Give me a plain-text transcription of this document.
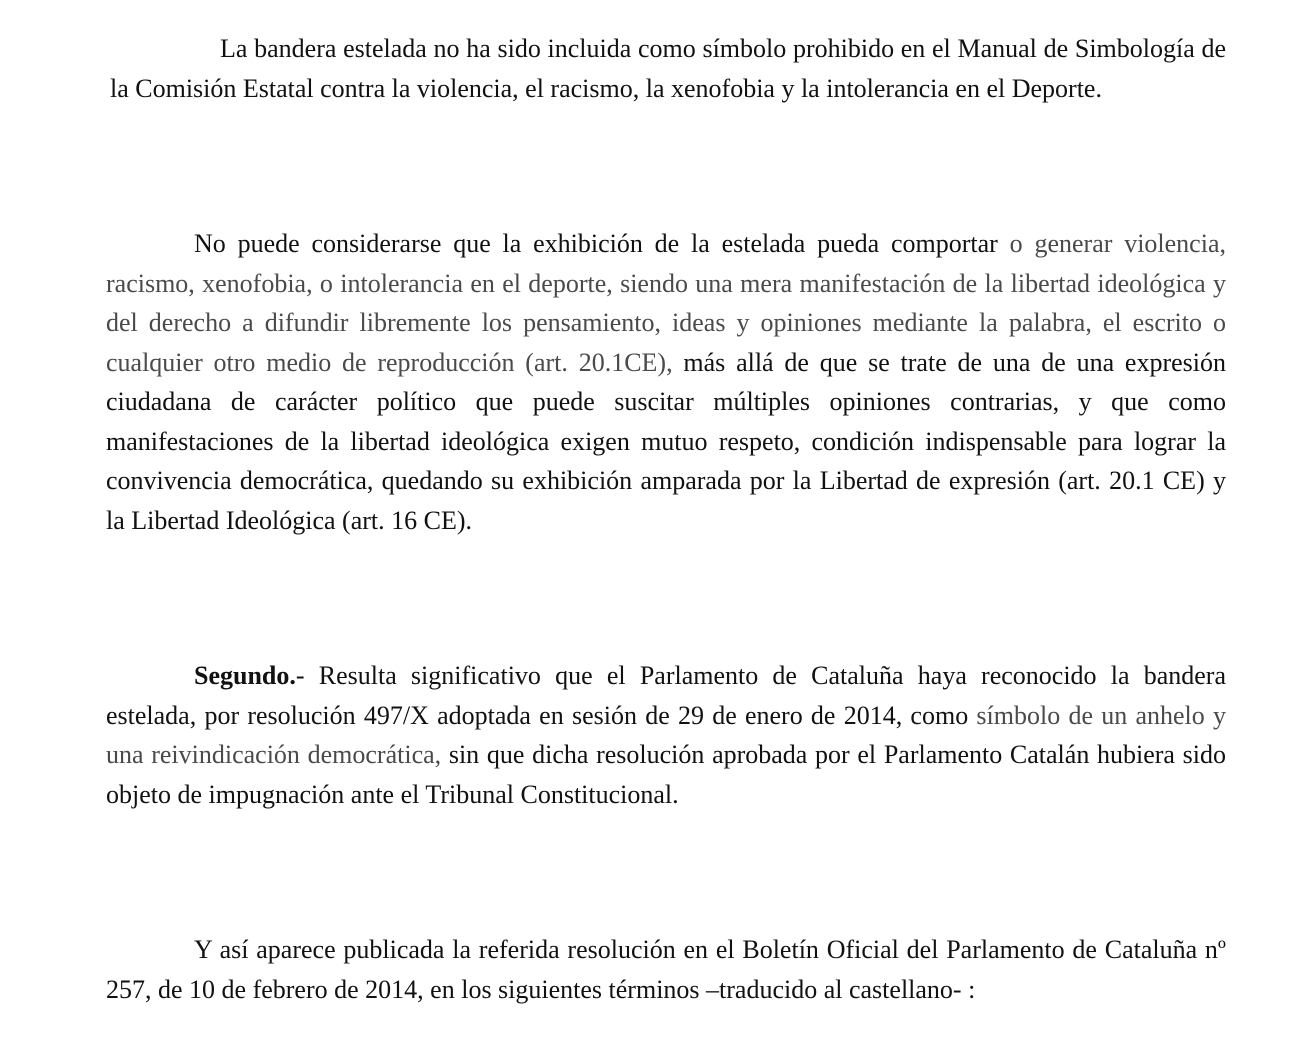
La bandera estelada no ha sido incluida como símbolo prohibido en el Manual de Simbología de la Comisión Estatal contra la violencia, el racismo, la xenofobia y la intolerancia en el Deporte.

No puede considerarse que la exhibición de la estelada pueda comportar o generar violencia, racismo, xenofobia, o intolerancia en el deporte, siendo una mera manifestación de la libertad ideológica y del derecho a difundir libremente los pensamiento, ideas y opiniones mediante la palabra, el escrito o cualquier otro medio de reproducción (art. 20.1CE), más allá de que se trate de una de una expresión ciudadana de carácter político que puede suscitar múltiples opiniones contrarias, y que como manifestaciones de la libertad ideológica exigen mutuo respeto, condición indispensable para lograr la convivencia democrática, quedando su exhibición amparada por la Libertad de expresión (art. 20.1 CE) y la Libertad Ideológica (art. 16 CE).

Segundo.- Resulta significativo que el Parlamento de Cataluña haya reconocido la bandera estelada, por resolución 497/X adoptada en sesión de 29 de enero de 2014, como símbolo de un anhelo y una reivindicación democrática, sin que dicha resolución aprobada por el Parlamento Catalán hubiera sido objeto de impugnación ante el Tribunal Constitucional.

Y así aparece publicada la referida resolución en el Boletín Oficial del Parlamento de Cataluña nº 257, de 10 de febrero de 2014, en los siguientes términos –traducido al castellano- :
